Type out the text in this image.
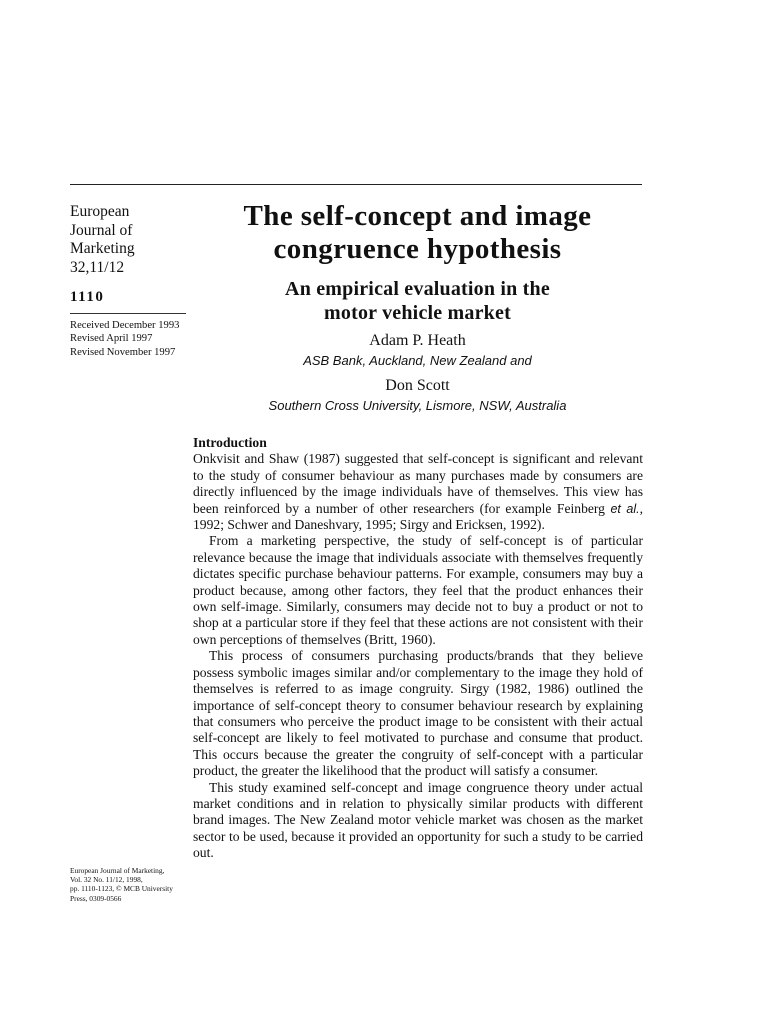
European
Journal of
Marketing
32,11/12
1110
Received December 1993
Revised April 1997
Revised November 1997
European Journal of Marketing,
Vol. 32 No. 11/12, 1998,
pp. 1110-1123, © MCB University
Press, 0309-0566
The self-concept and image
congruence hypothesis
An empirical evaluation in the
motor vehicle market
Adam P. Heath
ASB Bank, Auckland, New Zealand and
Don Scott
Southern Cross University, Lismore, NSW, Australia
Introduction

Onkvisit and Shaw (1987) suggested that self-concept is significant and relevant to the study of consumer behaviour as many purchases made by consumers are directly influenced by the image individuals have of themselves. This view has been reinforced by a number of other researchers (for example Feinberg et al., 1992; Schwer and Daneshvary, 1995; Sirgy and Ericksen, 1992).

From a marketing perspective, the study of self-concept is of particular relevance because the image that individuals associate with themselves frequently dictates specific purchase behaviour patterns. For example, consumers may buy a product because, among other factors, they feel that the product enhances their own self-image. Similarly, consumers may decide not to buy a product or not to shop at a particular store if they feel that these actions are not consistent with their own perceptions of themselves (Britt, 1960).

This process of consumers purchasing products/brands that they believe possess symbolic images similar and/or complementary to the image they hold of themselves is referred to as image congruity. Sirgy (1982, 1986) outlined the importance of self-concept theory to consumer behaviour research by explaining that consumers who perceive the product image to be consistent with their actual self-concept are likely to feel motivated to purchase and consume that product. This occurs because the greater the congruity of self-concept with a particular product, the greater the likelihood that the product will satisfy a consumer.

This study examined self-concept and image congruence theory under actual market conditions and in relation to physically similar products with different brand images. The New Zealand motor vehicle market was chosen as the market sector to be used, because it provided an opportunity for such a study to be carried out.
